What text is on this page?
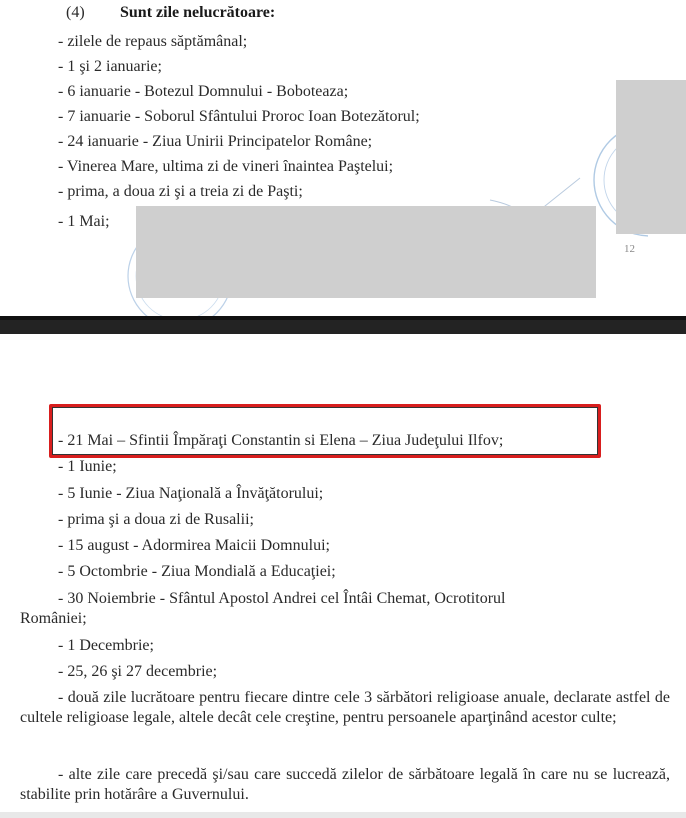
(4) Sunt zile nelucrătoare:
- zilele de repaus săptămânal;
- 1 şi 2 ianuarie;
- 6 ianuarie - Botezul Domnului - Boboteaza;
- 7 ianuarie - Soborul Sfântului Proroc Ioan Botezătorul;
- 24 ianuarie - Ziua Unirii Principatelor Române;
- Vinerea Mare, ultima zi de vineri înaintea Paştelui;
- prima, a doua zi şi a treia zi de Paşti;
- 1 Mai;
12
- 21 Mai – Sfintii Împăraţi Constantin si Elena – Ziua Judeţului Ilfov;
- 1 Iunie;
- 5 Iunie - Ziua Naţională a Învăţătorului;
- prima şi a doua zi de Rusalii;
- 15 august - Adormirea Maicii Domnului;
- 5 Octombrie - Ziua Mondială a Educaţiei;
- 30 Noiembrie - Sfântul Apostol Andrei cel Întâi Chemat, Ocrotitorul
României;
- 1 Decembrie;
- 25, 26 şi 27 decembrie;
- două zile lucrătoare pentru fiecare dintre cele 3 sărbători religioase anuale, declarate astfel de cultele religioase legale, altele decât cele creştine, pentru persoanele aparţinând acestor culte;
- alte zile care precedă şi/sau care succedă zilelor de sărbătoare legală în care nu se lucrează, stabilite prin hotărâre a Guvernului.
